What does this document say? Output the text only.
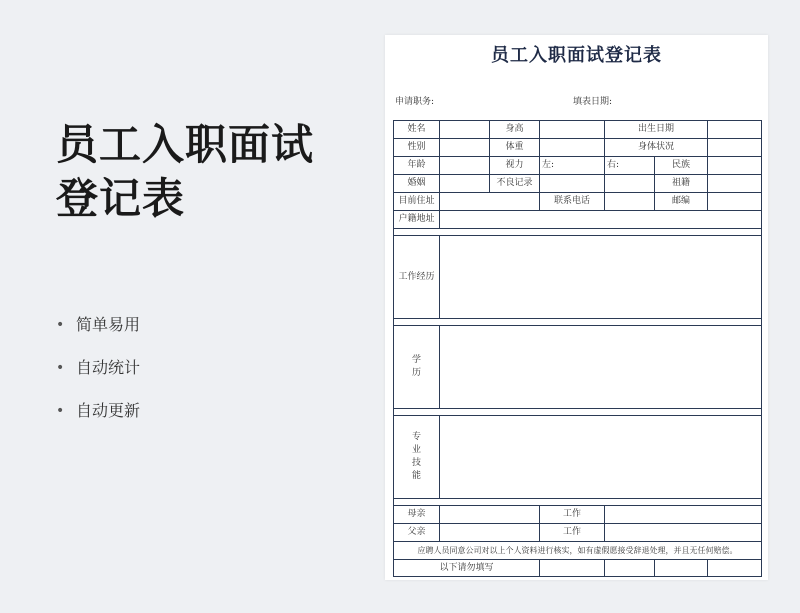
员工入职面试登记表
• 简单易用
• 自动统计
• 自动更新
员工入职面试登记表
申请职务:	填表日期:
姓名		身高		出生日期		
性别		体重		身体状况		
年龄		视力	左:	右:	民族	
婚姻		不良记录			祖籍	
目前住址			联系电话		邮编	
户籍地址						

工作经历						

学
历						

专
业
技
能						

母亲			工作			
父亲			工作			
应聘人员同意公司对以上个人资料进行核实，如有虚假愿接受辞退处理，并且无任何赔偿。						
以下请勿填写						
